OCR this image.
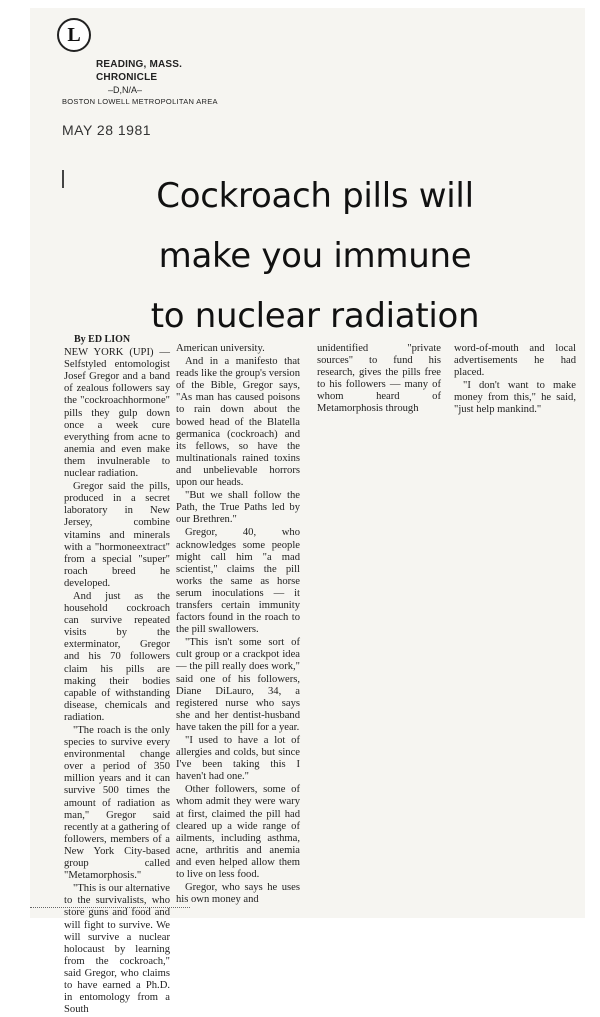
L
READING, MASS.
CHRONICLE
–D,N/A–
BOSTON LOWELL METROPOLITAN AREA
MAY 28 1981
Cockroach pills will
make you immune
to nuclear radiation

By ED LION

NEW YORK (UPI) — Selfstyled entomologist Josef Gregor and a band of zealous followers say the "cockroachhormone" pills they gulp down once a week cure everything from acne to anemia and even make them invulnerable to nuclear radiation.

Gregor said the pills, produced in a secret laboratory in New Jersey, combine vitamins and minerals with a "hormoneextract" from a special "super" roach breed he developed.

And just as the household cockroach can survive repeated visits by the exterminator, Gregor and his 70 followers claim his pills are making their bodies capable of withstanding disease, chemicals and radiation.

"The roach is the only species to survive every environmental change over a period of 350 million years and it can survive 500 times the amount of radiation as man," Gregor said recently at a gathering of followers, members of a New York City-based group called "Metamorphosis."

"This is our alternative to the survivalists, who store guns and food and will fight to survive. We will survive a nuclear holocaust by learning from the cockroach," said Gregor, who claims to have earned a Ph.D. in entomology from a South

American university.

And in a manifesto that reads like the group's version of the Bible, Gregor says, "As man has caused poisons to rain down about the bowed head of the Blatella germanica (cockroach) and its fellows, so have the multinationals rained toxins and unbelievable horrors upon our heads.

"But we shall follow the Path, the True Paths led by our Brethren."

Gregor, 40, who acknowledges some people might call him "a mad scientist," claims the pill works the same as horse serum inoculations — it transfers certain immunity factors found in the roach to the pill swallowers.

"This isn't some sort of cult group or a crackpot idea — the pill really does work," said one of his followers, Diane DiLauro, 34, a registered nurse who says she and her dentist-husband have taken the pill for a year.

"I used to have a lot of allergies and colds, but since I've been taking this I haven't had one."

Other followers, some of whom admit they were wary at first, claimed the pill had cleared up a wide range of ailments, including asthma, acne, arthritis and anemia and even helped allow them to live on less food.

Gregor, who says he uses his own money and

unidentified "private sources" to fund his research, gives the pills free to his followers — many of whom heard of Metamorphosis through

word-of-mouth and local advertisements he had placed.

"I don't want to make money from this," he said, "just help mankind."
